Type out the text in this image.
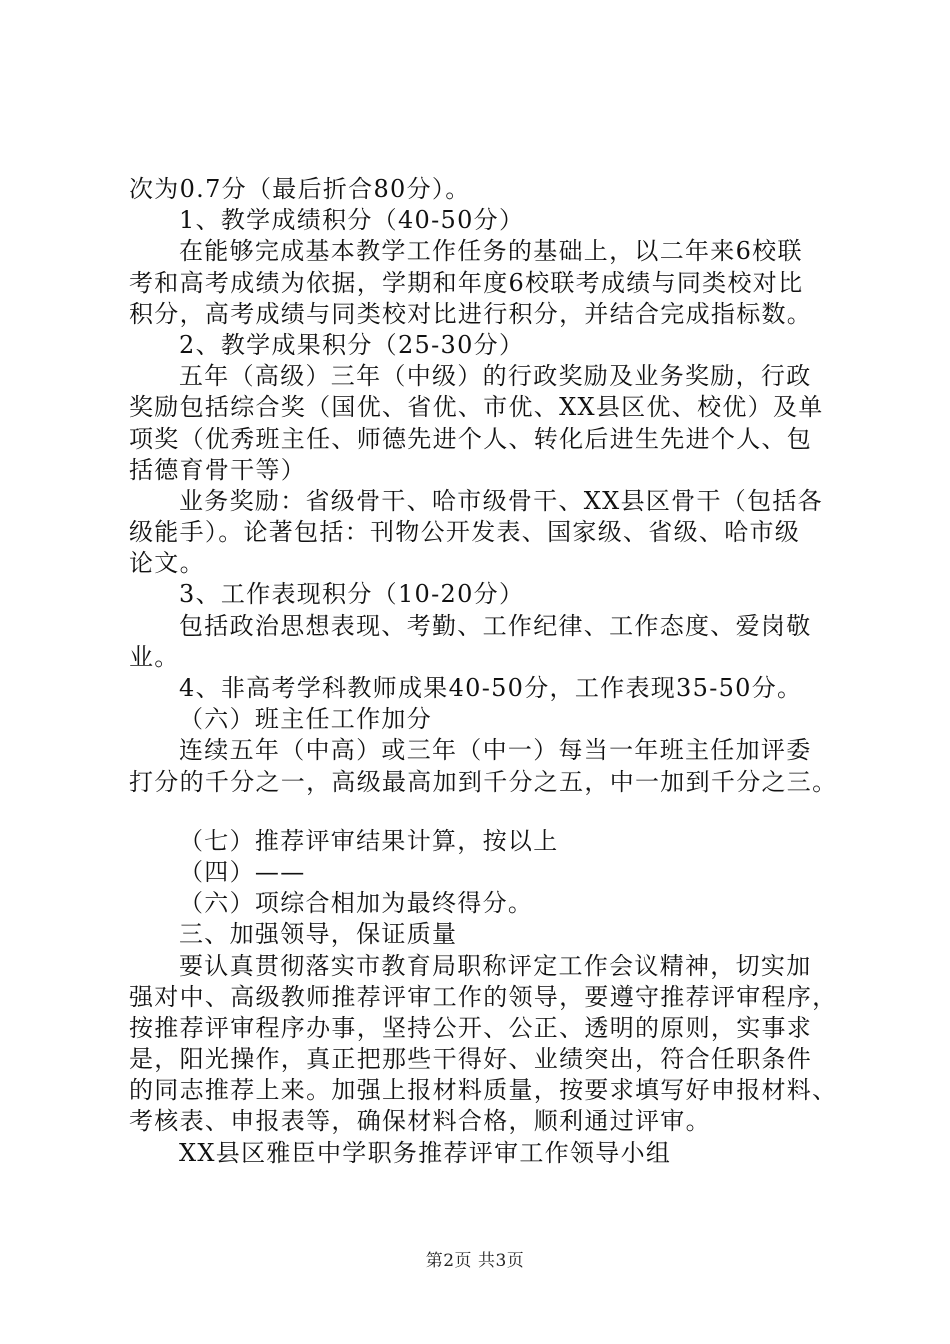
次为0.7分（最后折合80分）。
1、教学成绩积分（40-50分）
在能够完成基本教学工作任务的基础上，以二年来6校联
考和高考成绩为依据，学期和年度6校联考成绩与同类校对比
积分，高考成绩与同类校对比进行积分，并结合完成指标数。
2、教学成果积分（25-30分）
五年（高级）三年（中级）的行政奖励及业务奖励，行政
奖励包括综合奖（国优、省优、市优、XX县区优、校优）及单
项奖（优秀班主任、师德先进个人、转化后进生先进个人、包
括德育骨干等）
业务奖励：省级骨干、哈市级骨干、XX县区骨干（包括各
级能手）。论著包括：刊物公开发表、国家级、省级、哈市级
论文。
3、工作表现积分（10-20分）
包括政治思想表现、考勤、工作纪律、工作态度、爱岗敬
业。
4、非高考学科教师成果40-50分，工作表现35-50分。
（六）班主任工作加分
连续五年（中高）或三年（中一）每当一年班主任加评委
打分的千分之一，高级最高加到千分之五，中一加到千分之三。
（七）推荐评审结果计算，按以上
（四）——
（六）项综合相加为最终得分。
三、加强领导，保证质量
要认真贯彻落实市教育局职称评定工作会议精神，切实加
强对中、高级教师推荐评审工作的领导，要遵守推荐评审程序，
按推荐评审程序办事，坚持公开、公正、透明的原则，实事求
是，阳光操作，真正把那些干得好、业绩突出，符合任职条件
的同志推荐上来。加强上报材料质量，按要求填写好申报材料、
考核表、申报表等，确保材料合格，顺利通过评审。
XX县区雅臣中学职务推荐评审工作领导小组
第2页 共3页
